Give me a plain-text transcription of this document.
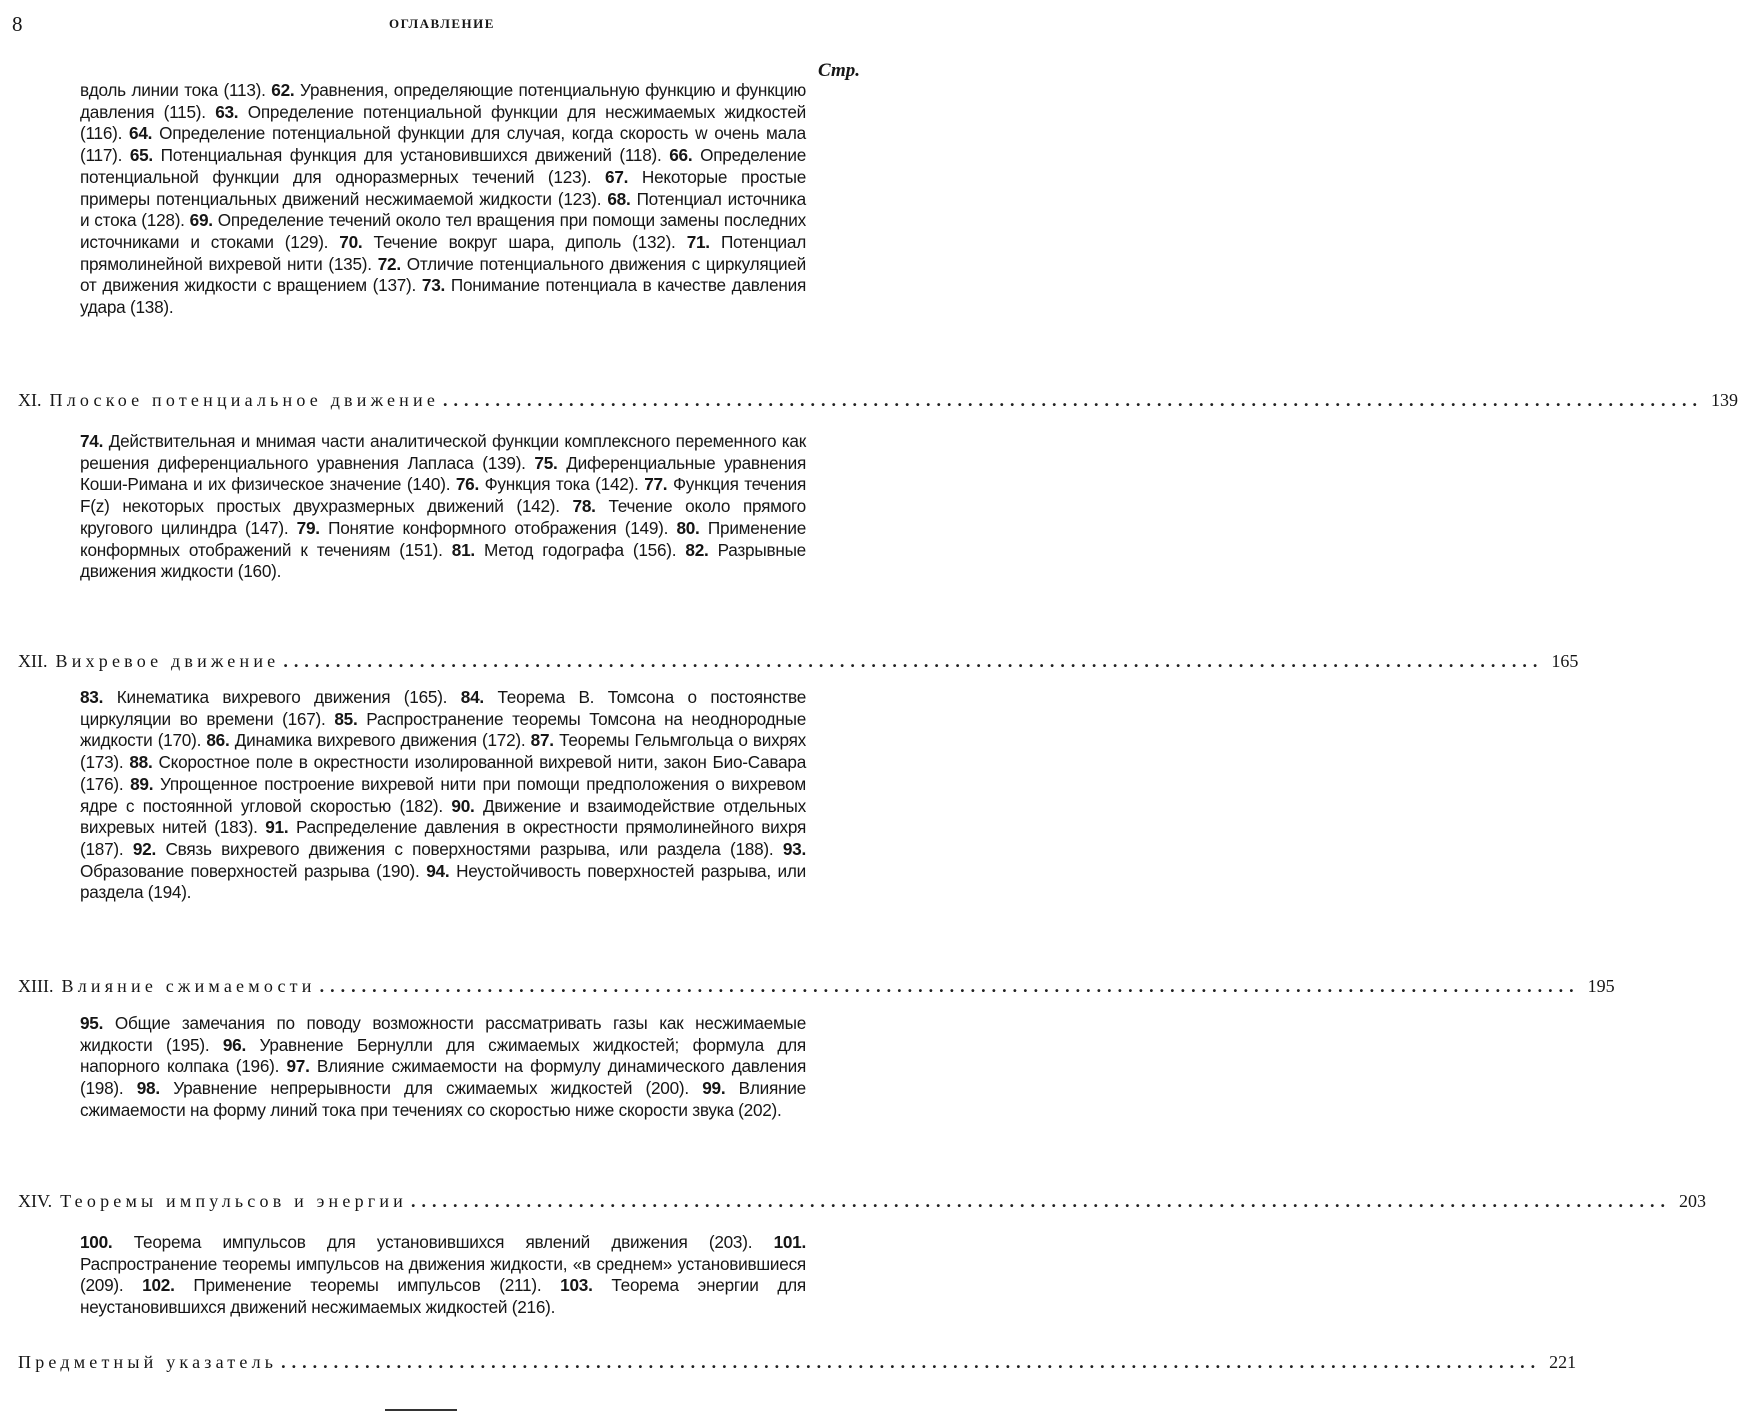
8	ОГЛАВЛЕНИЕ
Стр.

вдоль линии тока (113). 62. Уравнения, определяющие потенциальную функцию и функцию давления (115). 63. Определение потенциальной функции для несжимаемых жидкостей (116). 64. Определение потенциальной функции для случая, когда скорость w очень мала (117). 65. Потенциальная функция для установившихся движений (118). 66. Определение потенциальной функции для одноразмерных течений (123). 67. Некоторые простые примеры потенциальных движений несжимаемой жидкости (123). 68. Потенциал источника и стока (128). 69. Определение течений около тел вращения при помощи замены последних источниками и стоками (129). 70. Течение вокруг шара, диполь (132). 71. Потенциал прямолинейной вихревой нити (135). 72. Отличие потенциального движения с циркуляцией от движения жидкости с вращением (137). 73. Понимание потенциала в качестве давления удара (138).

XI. Плоское потенциальное движение ........................................................................................................................ 139

74. Действительная и мнимая части аналитической функции комплексного переменного как решения диференциального уравнения Лапласа (139). 75. Диференциальные уравнения Коши-Римана и их физическое значение (140). 76. Функция тока (142). 77. Функция течения F(z) некоторых простых двухразмерных движений (142). 78. Течение около прямого кругового цилиндра (147). 79. Понятие конформного отображения (149). 80. Применение конформных отображений к течениям (151). 81. Метод годографа (156). 82. Разрывные движения жидкости (160).

XII. Вихревое движение ........................................................................................................................ 165

83. Кинематика вихревого движения (165). 84. Теорема В. Томсона о постоянстве циркуляции во времени (167). 85. Распространение теоремы Томсона на неоднородные жидкости (170). 86. Динамика вихревого движения (172). 87. Теоремы Гельмгольца о вихрях (173). 88. Скоростное поле в окрестности изолированной вихревой нити, закон Био-Савара (176). 89. Упрощенное построение вихревой нити при помощи предположения о вихревом ядре с постоянной угловой скоростью (182). 90. Движение и взаимодействие отдельных вихревых нитей (183). 91. Распределение давления в окрестности прямолинейного вихря (187). 92. Связь вихревого движения с поверхностями разрыва, или раздела (188). 93. Образование поверхностей разрыва (190). 94. Неустойчивость поверхностей разрыва, или раздела (194).

XIII. Влияние сжимаемости ........................................................................................................................ 195

95. Общие замечания по поводу возможности рассматривать газы как несжимаемые жидкости (195). 96. Уравнение Бернулли для сжимаемых жидкостей; формула для напорного колпака (196). 97. Влияние сжимаемости на формулу динамического давления (198). 98. Уравнение непрерывности для сжимаемых жидкостей (200). 99. Влияние сжимаемости на форму линий тока при течениях со скоростью ниже скорости звука (202).

XIV. Теоремы импульсов и энергии ........................................................................................................................ 203

100. Теорема импульсов для установившихся явлений движения (203). 101. Распространение теоремы импульсов на движения жидкости, «в среднем» установившиеся (209). 102. Применение теоремы импульсов (211). 103. Теорема энергии для неустановившихся движений несжимаемых жидкостей (216).

Предметный указатель ........................................................................................................................ 221
